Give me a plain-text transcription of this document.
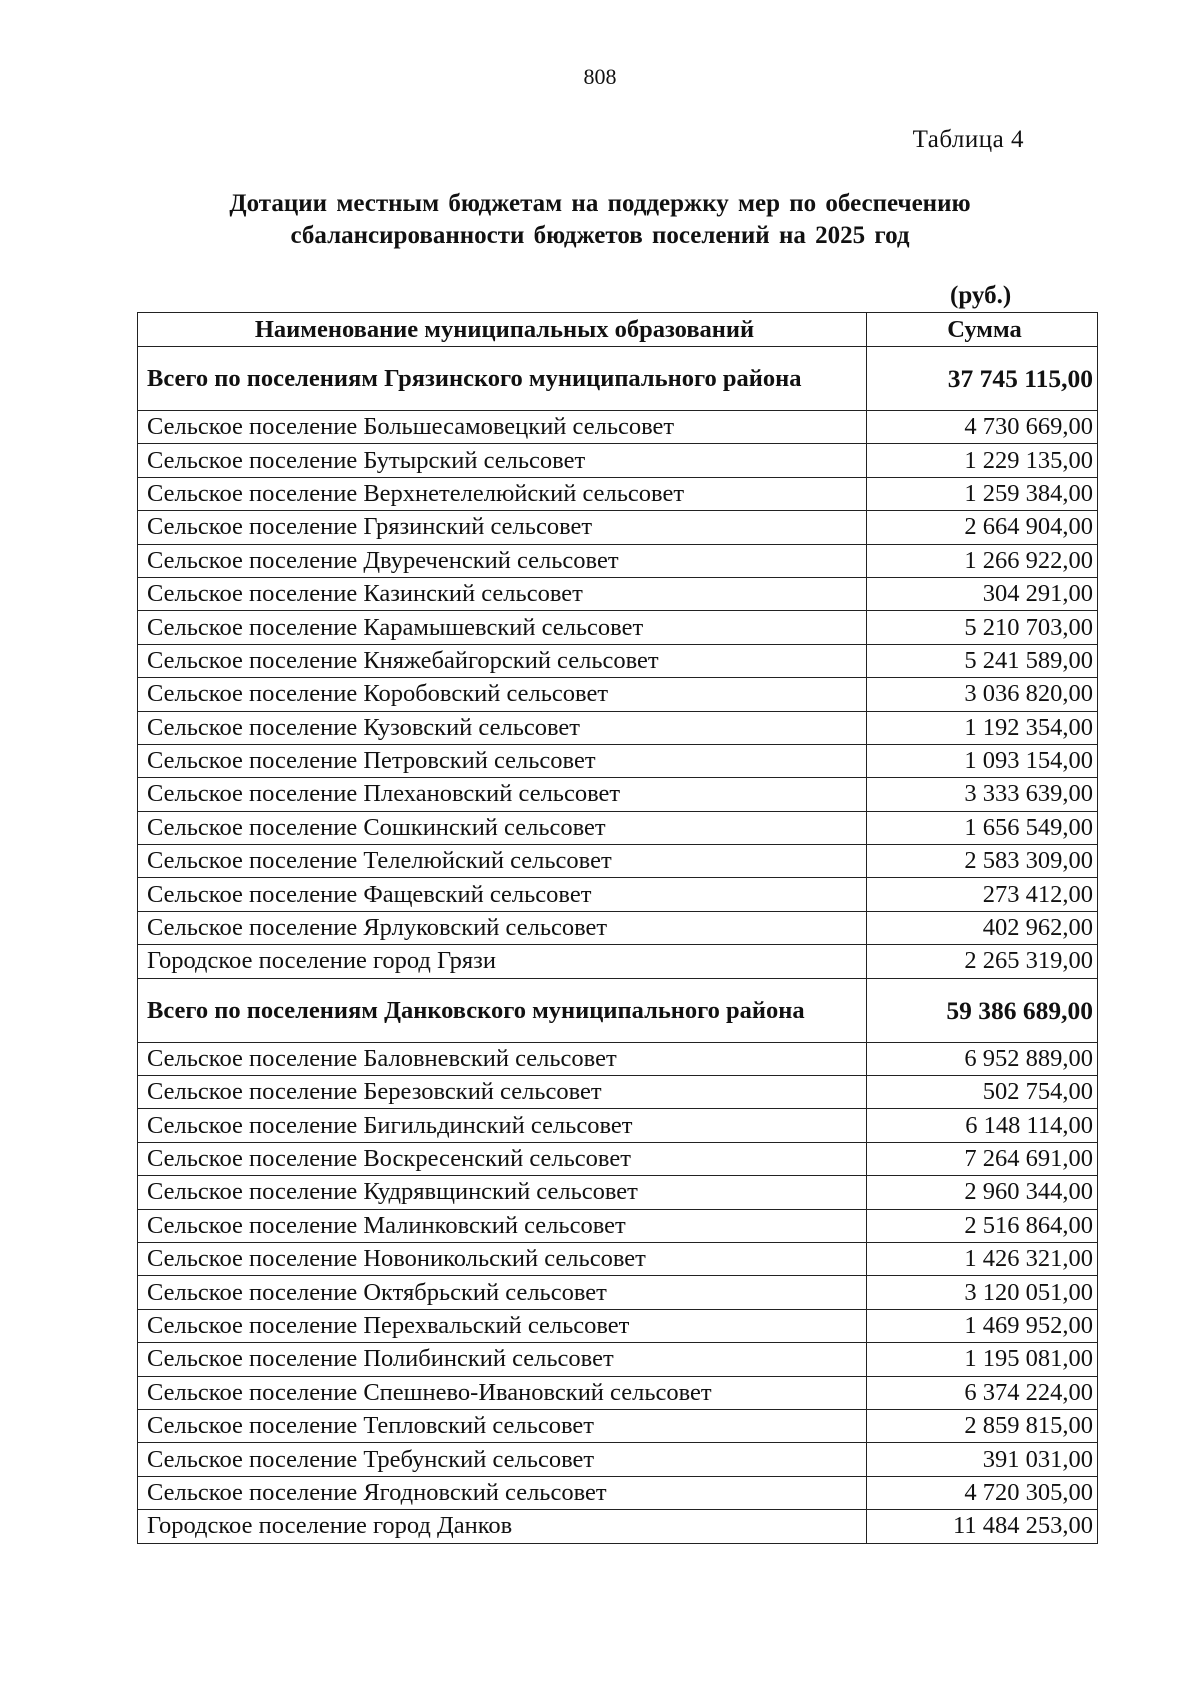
808
Таблица 4
Дотации местным бюджетам на поддержку мер по обеспечению
сбалансированности бюджетов поселений на 2025 год
(руб.)
Наименование муниципальных образований	Сумма
Всего по поселениям Грязинского муниципального района	37 745 115,00
Сельское поселение Большесамовецкий сельсовет	4 730 669,00
Сельское поселение Бутырский сельсовет	1 229 135,00
Сельское поселение Верхнетелелюйский сельсовет	1 259 384,00
Сельское поселение Грязинский сельсовет	2 664 904,00
Сельское поселение Двуреченский сельсовет	1 266 922,00
Сельское поселение Казинский сельсовет	304 291,00
Сельское поселение Карамышевский сельсовет	5 210 703,00
Сельское поселение Княжебайгорский сельсовет	5 241 589,00
Сельское поселение Коробовский сельсовет	3 036 820,00
Сельское поселение Кузовский сельсовет	1 192 354,00
Сельское поселение Петровский сельсовет	1 093 154,00
Сельское поселение Плехановский сельсовет	3 333 639,00
Сельское поселение Сошкинский сельсовет	1 656 549,00
Сельское поселение Телелюйский сельсовет	2 583 309,00
Сельское поселение Фащевский сельсовет	273 412,00
Сельское поселение Ярлуковский сельсовет	402 962,00
Городское поселение город Грязи	2 265 319,00
Всего по поселениям Данковского муниципального района	59 386 689,00
Сельское поселение Баловневский сельсовет	6 952 889,00
Сельское поселение Березовский сельсовет	502 754,00
Сельское поселение Бигильдинский сельсовет	6 148 114,00
Сельское поселение Воскресенский сельсовет	7 264 691,00
Сельское поселение Кудрявщинский сельсовет	2 960 344,00
Сельское поселение Малинковский сельсовет	2 516 864,00
Сельское поселение Новоникольский сельсовет	1 426 321,00
Сельское поселение Октябрьский сельсовет	3 120 051,00
Сельское поселение Перехвальский сельсовет	1 469 952,00
Сельское поселение Полибинский сельсовет	1 195 081,00
Сельское поселение Спешнево-Ивановский сельсовет	6 374 224,00
Сельское поселение Тепловский сельсовет	2 859 815,00
Сельское поселение Требунский сельсовет	391 031,00
Сельское поселение Ягодновский сельсовет	4 720 305,00
Городское поселение город Данков	11 484 253,00
